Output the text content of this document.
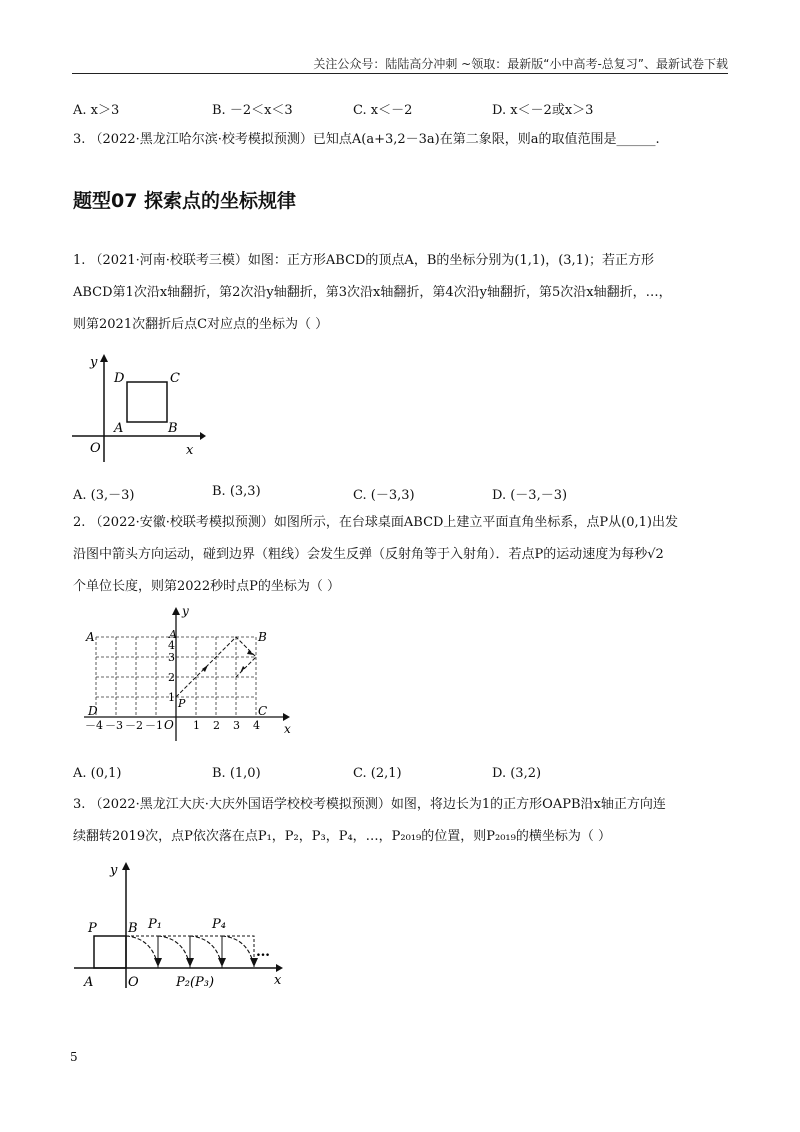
关注公众号：陆陆高分冲刺 ~领取：最新版“小中高考-总复习”、最新试卷下载
A. x＞3	B. －2＜x＜3	C. x＜－2	D. x＜－2或x＞3
3. （2022·黑龙江哈尔滨·校考模拟预测）已知点A(a+3,2－3a)在第二象限，则a的取值范围是______.
题型07 探索点的坐标规律
1. （2021·河南·校联考三模）如图：正方形ABCD的顶点A，B的坐标分别为(1,1)，(3,1)；若正方形
ABCD第1次沿x轴翻折，第2次沿y轴翻折，第3次沿x轴翻折，第4次沿y轴翻折，第5次沿x轴翻折，…，
则第2021次翻折后点C对应点的坐标为（ ）
y
x
O
A	B
C
D
A. (3,－3)	B. (3,3)	C. (－3,3)	D. (－3,－3)
2. （2022·安徽·校联考模拟预测）如图所示，在台球桌面ABCD上建立平面直角坐标系，点P从(0,1)出发
沿图中箭头方向运动，碰到边界（粗线）会发生反弹（反射角等于入射角）．若点P的运动速度为每秒√2
个单位长度，则第2022秒时点P的坐标为（ ）
A	A	B
D	C
O
P
y
x
－4 －3 －2 －1	1 2 3 4
1
2
3
4
A. (0,1)	B. (1,0)	C. (2,1)	D. (3,2)
3. （2022·黑龙江大庆·大庆外国语学校校考模拟预测）如图，将边长为1的正方形OAPB沿x轴正方向连
续翻转2019次，点P依次落在点P₁，P₂，P₃，P₄，…，P₂₀₁₉的位置，则P₂₀₁₉的横坐标为（ ）
P B P₁	P₄
…
A	O	P₂(P₃)
y
x
5
